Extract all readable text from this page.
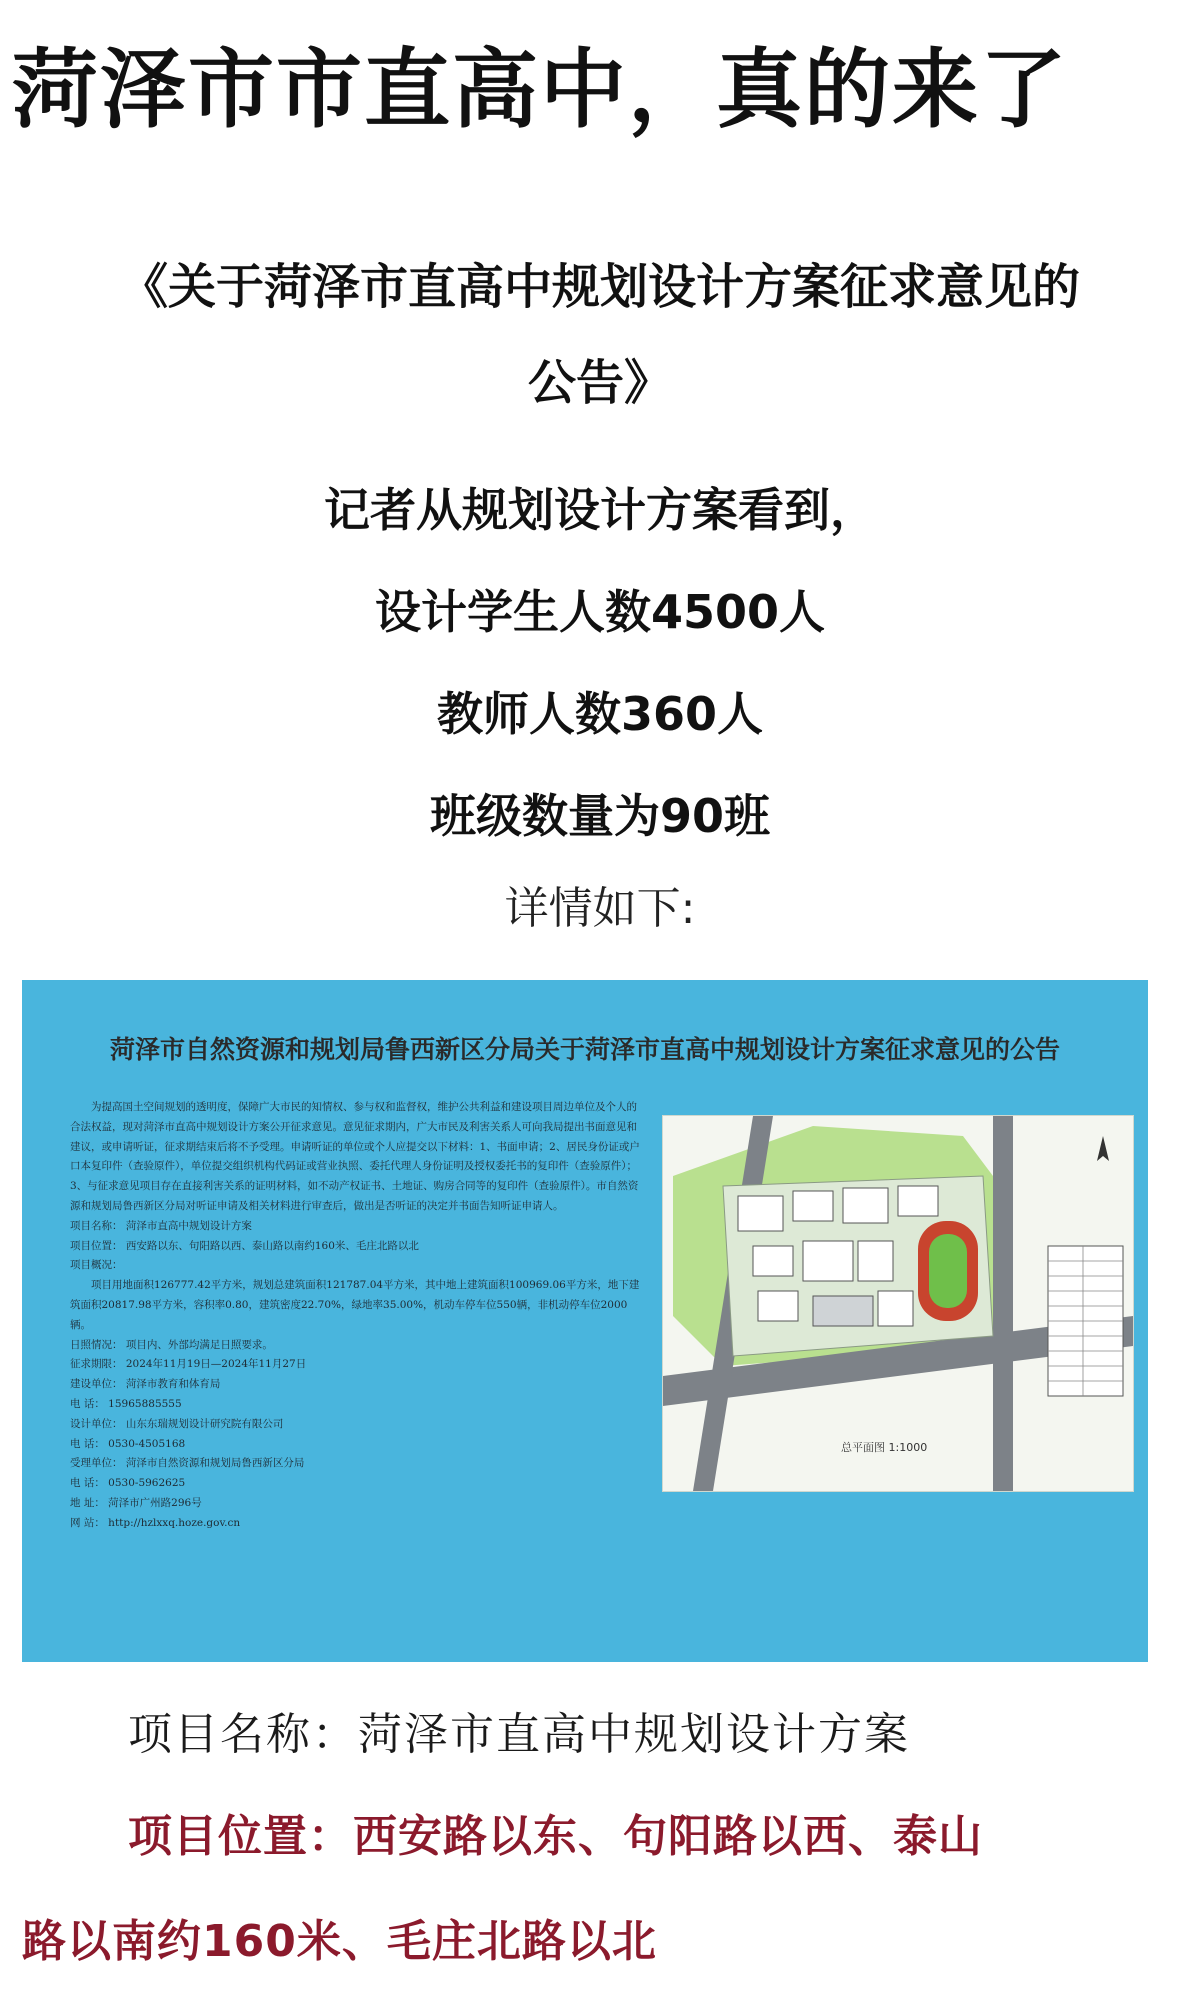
菏泽市市直高中，真的来了
《关于菏泽市直高中规划设计方案征求意见的
公告》
记者从规划设计方案看到，
设计学生人数4500人
教师人数360人
班级数量为90班
详情如下:
菏泽市自然资源和规划局鲁西新区分局关于菏泽市直高中规划设计方案征求意见的公告

为提高国土空间规划的透明度，保障广大市民的知情权、参与权和监督权，维护公共利益和建设项目周边单位及个人的合法权益，现对菏泽市直高中规划设计方案公开征求意见。意见征求期内，广大市民及利害关系人可向我局提出书面意见和建议，或申请听证，征求期结束后将不予受理。申请听证的单位或个人应提交以下材料：1、书面申请；2、居民身份证或户口本复印件（查验原件），单位提交组织机构代码证或营业执照、委托代理人身份证明及授权委托书的复印件（查验原件）；3、与征求意见项目存在直接利害关系的证明材料，如不动产权证书、土地证、购房合同等的复印件（查验原件）。市自然资源和规划局鲁西新区分局对听证申请及相关材料进行审查后，做出是否听证的决定并书面告知听证申请人。

项目名称： 菏泽市直高中规划设计方案
项目位置： 西安路以东、句阳路以西、泰山路以南约160米、毛庄北路以北
项目概况：

项目用地面积126777.42平方米，规划总建筑面积121787.04平方米，其中地上建筑面积100969.06平方米，地下建筑面积20817.98平方米，容积率0.80，建筑密度22.70%，绿地率35.00%，机动车停车位550辆，非机动停车位2000辆。

日照情况： 项目内、外部均满足日照要求。
征求期限： 2024年11月19日—2024年11月27日
建设单位： 菏泽市教育和体育局
电 话： 15965885555
设计单位： 山东东瑞规划设计研究院有限公司
电 话： 0530-4505168
受理单位： 菏泽市自然资源和规划局鲁西新区分局
电 话： 0530-5962625
地 址： 菏泽市广州路296号
网 站： http://hzlxxq.hoze.gov.cn
总平面图 1:1000
项目名称：菏泽市直高中规划设计方案
项目位置：西安路以东、句阳路以西、泰山
路以南约160米、毛庄北路以北
